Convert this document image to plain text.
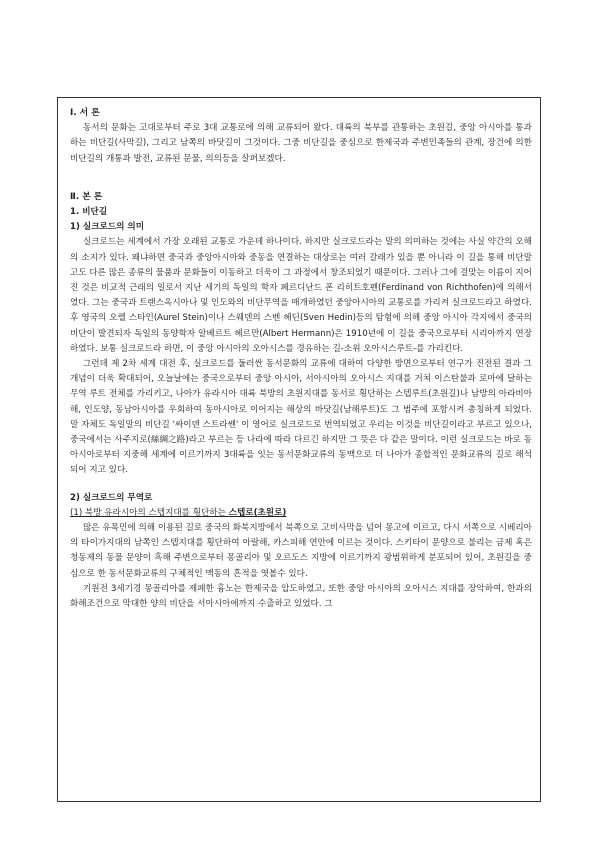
Ⅰ. 서 론

동서의 문화는 고대로부터 주로 3대 교통로에 의해 교류되어 왔다. 대륙의 북부를 관통하는 초원길, 중앙 아시아를 통과하는 비단길(사막길), 그리고 남쪽의 바닷길이 그것이다. 그중 비단길을 중심으로 한제국과 주변민족들의 관계, 장건에 의한 비단길의 개통과 발전, 교류된 문물, 의의등을 살펴보겠다.

Ⅱ. 본 론

1. 비단길

1) 실크로드의 의미

실크로드는 세계에서 가장 오래된 교통로 가운데 하나이다. 하지만 실크로드라는 말의 의미하는 것에는 사실 약간의 오해의 소지가 있다. 왜냐하면 중국과 중앙아시아와 중동을 연결하는 대상로는 여러 갈래가 있을 뿐 아니라 이 길을 통해 비단말고도 다른 많은 종류의 물품과 문화들이 이동하고 더욱이 그 과정에서 창조되었기 때문이다. 그러나 그에 걸맞는 이름이 지어진 것은 비교적 근래의 일로서 지난 세기의 독일의 학자 페르디난드 폰 리히트호펜(Ferdinand von Richthofen)에 의해서였다. 그는 중국과 트랜스옥시아나 및 인도와의 비단무역을 매개하였던 중앙아시아의 교통로를 가리켜 실크로드라고 하였다. 후 영국의 오렐 스타인(Aurel Stein)이나 스웨덴의 스벤 헤딘(Sven Hedin)등의 탐험에 의해 중앙 아시아 각지에서 중국의 비단이 발견되자 독일의 동양학자 알베르트 헤르만(Albert Hermann)은 1910년에 이 길을 중국으로부터 시리아까지 연장하였다. 보통 실크로드라 하면, 이 중앙 아시아의 오아시스를 경유하는 길-소위 오아시스루트-를 가리킨다.

그런데 제 2차 세계 대전 후, 실크로드를 둘러싼 동서문화의 교류에 대하여 다양한 방면으로부터 연구가 진전된 결과 그 개념이 더욱 확대되어, 오늘날에는 중국으로부터 중앙 아시아, 서아시아의 오아시스 지대를 거쳐 이스탄불과 로마에 달하는 무역 루트 전체를 가리키고, 나아가 유라시아 대륙 북방의 초원지대를 동서로 횡단하는 스텝루트(초원길)나 남방의 아라비아해, 인도양, 동남아시아를 우회하여 동아시아로 이어지는 해상의 바닷길(남해루트)도 그 범주에 포함시켜 총칭하게 되었다. 말 자체도 독일말의 비단길 '싸이덴 스트라쎈' 이 영어로 실크로드로 번역되었고 우리는 이것을 비단길이라고 부르고 있으나, 중국에서는 사주지로(絲綢之路)라고 부르는 등 나라에 따라 다르긴 하지만 그 뜻은 다 같은 말이다. 이런 실크로드는 바로 동아시아로부터 지중해 세계에 이르기까지 3대륙을 잇는 동서문화교류의 동맥으로 더 나아가 종합적인 문화교류의 길로 해석되어 지고 있다.

2) 실크로드의 무역로

(1) 북방 유라시아의 스텝지대를 횡단하는 스텝로(초원로)

많은 유목민에 의해 이용된 길로 중국의 화북지방에서 북쪽으로 고비사막을 넘어 몽고에 이르고, 다시 서쪽으로 시베리아의 타이가지대의 남쪽인 스텝지대를 횡단하여 아랄해, 카스피해 연안에 이르는 것이다. 스키타이 문양으로 불리는 금제 혹은 청동제의 동물 문양이 흑해 주변으로부터 몽골리아 및 오르도스 지방에 이르기까지 광범위하게 분포되어 있어, 초원길을 중심으로 한 동서문화교류의 구체적인 맥동의 흔적을 엿볼수 있다.

기원전 3세기경 몽골리아를 제패한 흉노는 한제국을 압도하였고, 또한 중앙 아시아의 오아시스 지대를 장악하여, 한과의 화해조건으로 막대한 양의 비단을 서아시아에까지 수출하고 있었다. 그
